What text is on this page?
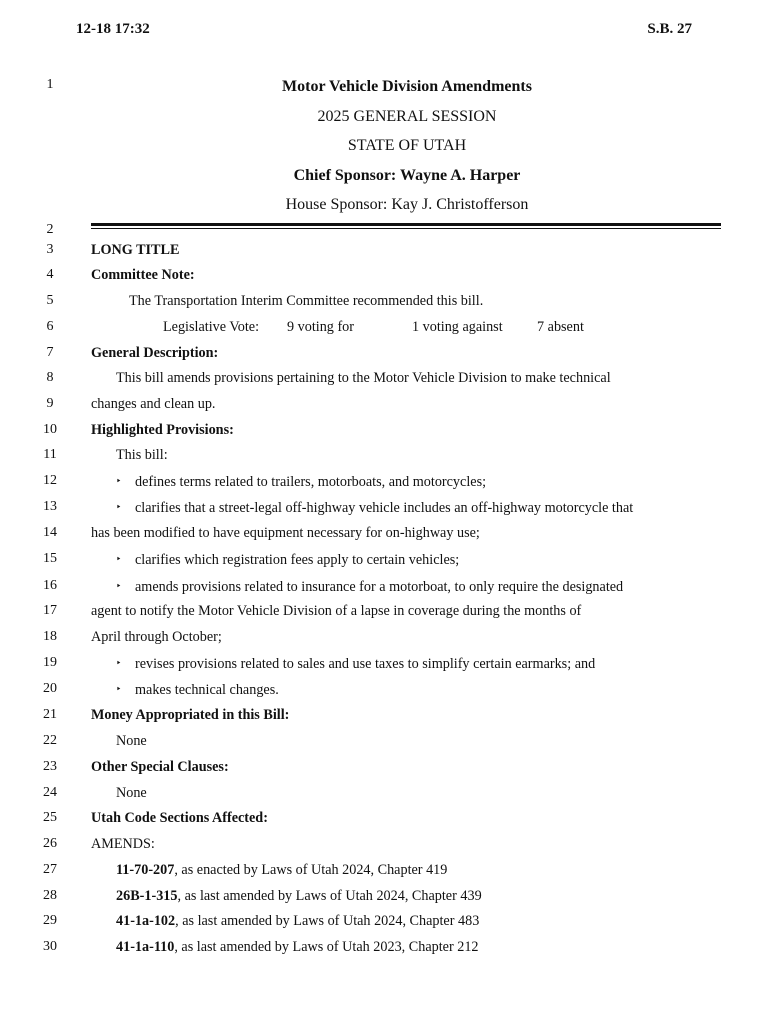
12-18 17:32	S.B. 27
1	Motor Vehicle Division Amendments
2025 GENERAL SESSION
STATE OF UTAH
Chief Sponsor: Wayne A. Harper
House Sponsor: Kay J. Christofferson
2
3
4
5
6
7
8
9
10
11
12
13
14
15
16
17
18
19
20
21
22
23
24
25
26
27
28
29
30
LONG TITLE
Committee Note:
The Transportation Interim Committee recommended this bill.
Legislative Vote: 9 voting for	1 voting against 7 absent
General Description:
This bill amends provisions pertaining to the Motor Vehicle Division to make technical
changes and clean up.
Highlighted Provisions:
This bill:
‣ defines terms related to trailers, motorboats, and motorcycles;
‣ clarifies that a street-legal off-highway vehicle includes an off-highway motorcycle that
has been modified to have equipment necessary for on-highway use;
‣ clarifies which registration fees apply to certain vehicles;
‣ amends provisions related to insurance for a motorboat, to only require the designated
agent to notify the Motor Vehicle Division of a lapse in coverage during the months of
April through October;
‣ revises provisions related to sales and use taxes to simplify certain earmarks; and
‣ makes technical changes.
Money Appropriated in this Bill:
None
Other Special Clauses:
None
Utah Code Sections Affected:
AMENDS:
11-70-207, as enacted by Laws of Utah 2024, Chapter 419
26B-1-315, as last amended by Laws of Utah 2024, Chapter 439
41-1a-102, as last amended by Laws of Utah 2024, Chapter 483
41-1a-110, as last amended by Laws of Utah 2023, Chapter 212
